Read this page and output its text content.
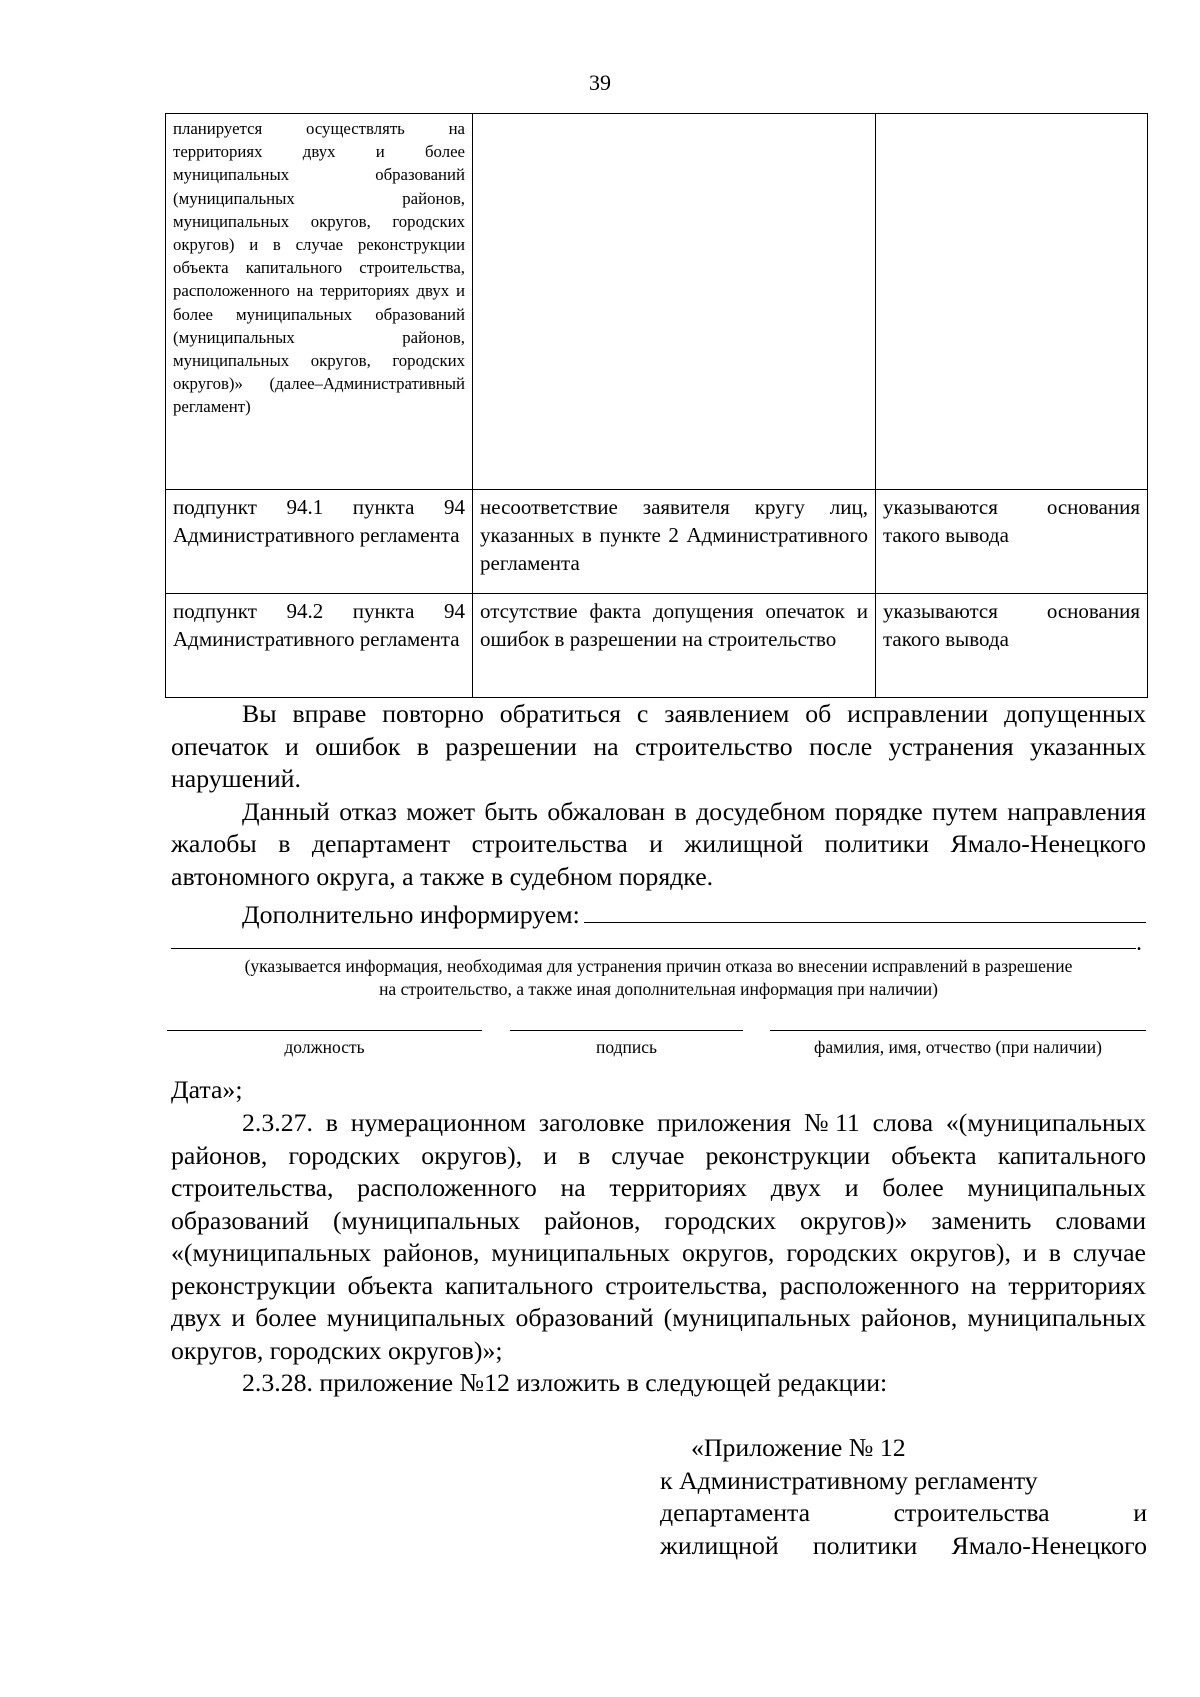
39
планируется осуществлять на территориях двух и более муниципальных образований (муниципальных районов, муниципальных округов, городских округов) и в случае реконструкции объекта капитального строительства, расположенного на территориях двух и более муниципальных образований (муниципальных районов, муниципальных округов, городских округов)» (далее–Административный регламент)		
подпункт 94.1 пункта 94 Административного регламента	несоответствие заявителя кругу лиц, указанных в пункте 2 Административного регламента	указываются основания такого вывода
подпункт 94.2 пункта 94 Административного регламента	отсутствие факта допущения опечаток и ошибок в разрешении на строительство	указываются основания такого вывода

Вы вправе повторно обратиться с заявлением об исправлении допущенных опечаток и ошибок в разрешении на строительство после устранения указанных нарушений.

Данный отказ может быть обжалован в досудебном порядке путем направления жалобы в департамент строительства и жилищной политики Ямало-Ненецкого автономного округа, а также в судебном порядке.

Дополнительно информируем:
.
(указывается информация, необходимая для устранения причин отказа во внесении исправлений в разрешение
на строительство, а также иная дополнительная информация при наличии)
должность	подпись	фамилия, имя, отчество (при наличии)

Дата»;

2.3.27. в нумерационном заголовке приложения №11 слова «(муниципальных районов, городских округов), и в случае реконструкции объекта капитального строительства, расположенного на территориях двух и более муниципальных образований (муниципальных районов, городских округов)» заменить словами «(муниципальных районов, муниципальных округов, городских округов), и в случае реконструкции объекта капитального строительства, расположенного на территориях двух и более муниципальных образований (муниципальных районов, муниципальных округов, городских округов)»;

2.3.28. приложение №12 изложить в следующей редакции:

«Приложение № 12

к Административному регламенту

департамента строительства и

жилищной политики Ямало-Ненецкого
